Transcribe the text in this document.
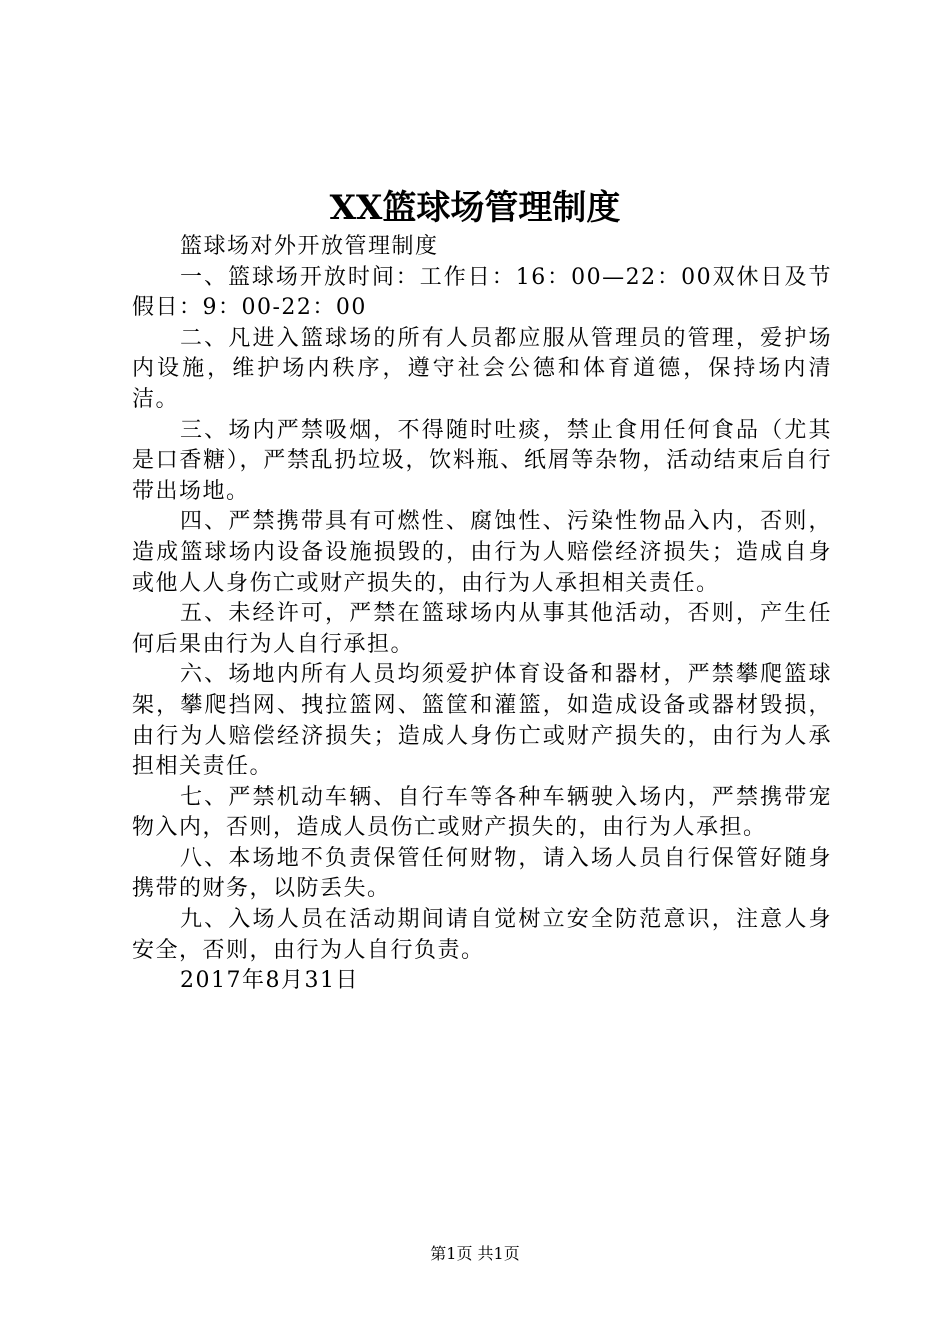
XX篮球场管理制度

篮球场对外开放管理制度

一、篮球场开放时间：工作日：16：00—22：00双休日及节假日：9：00-22：00

二、凡进入篮球场的所有人员都应服从管理员的管理，爱护场内设施，维护场内秩序，遵守社会公德和体育道德，保持场内清洁。

三、场内严禁吸烟，不得随时吐痰，禁止食用任何食品（尤其是口香糖），严禁乱扔垃圾，饮料瓶、纸屑等杂物，活动结束后自行带出场地。

四、严禁携带具有可燃性、腐蚀性、污染性物品入内，否则，造成篮球场内设备设施损毁的，由行为人赔偿经济损失；造成自身或他人人身伤亡或财产损失的，由行为人承担相关责任。

五、未经许可，严禁在篮球场内从事其他活动，否则，产生任何后果由行为人自行承担。

六、场地内所有人员均须爱护体育设备和器材，严禁攀爬篮球架，攀爬挡网、拽拉篮网、篮筐和灌篮，如造成设备或器材毁损，由行为人赔偿经济损失；造成人身伤亡或财产损失的，由行为人承担相关责任。

七、严禁机动车辆、自行车等各种车辆驶入场内，严禁携带宠物入内，否则，造成人员伤亡或财产损失的，由行为人承担。

八、本场地不负责保管任何财物，请入场人员自行保管好随身携带的财务，以防丢失。

九、入场人员在活动期间请自觉树立安全防范意识，注意人身安全，否则，由行为人自行负责。

2017年8月31日

第1页 共1页
